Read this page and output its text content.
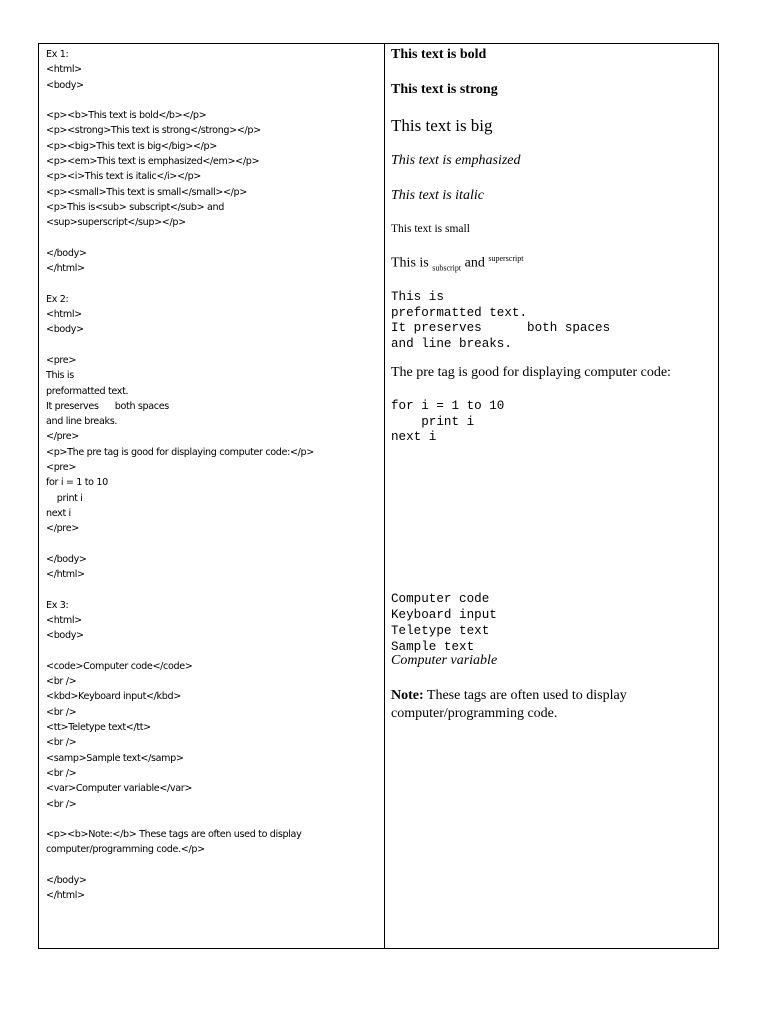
Ex 1:
<html>
<body>
<p><b>This text is bold</b></p>
<p><strong>This text is strong</strong></p>
<p><big>This text is big</big></p>
<p><em>This text is emphasized</em></p>
<p><i>This text is italic</i></p>
<p><small>This text is small</small></p>
<p>This is<sub> subscript</sub> and
<sup>superscript</sup></p>
</body>
</html>
Ex 2:
<html>
<body>
<pre>
This is
preformatted text.
It preserves      both spaces
and line breaks.
</pre>
<p>The pre tag is good for displaying computer code:</p>
<pre>
for i = 1 to 10
print i
next i
</pre>
</body>
</html>
Ex 3:
<html>
<body>
<code>Computer code</code>
<br />
<kbd>Keyboard input</kbd>
<br />
<tt>Teletype text</tt>
<br />
<samp>Sample text</samp>
<br />
<var>Computer variable</var>
<br />
<p><b>Note:</b> These tags are often used to display
computer/programming code.</p>
</body>
</html>
This text is bold
This text is strong
This text is big
This text is emphasized
This text is italic
This text is small
This is $_{subscript}$ and $^{superscript}$
This is
preformatted text.
It preserves      both spaces
and line breaks.
The pre tag is good for displaying computer code:
for i = 1 to 10
print i
next i
Computer code
Keyboard input
Teletype text
Sample text
Computer variable
Note: These tags are often used to display
computer/programming code.
